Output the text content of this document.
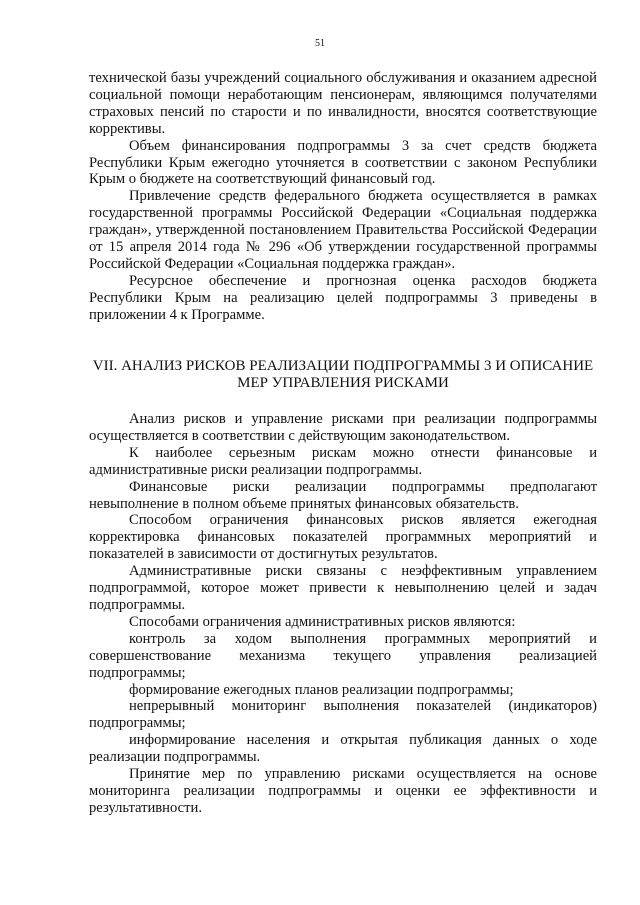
51

технической базы учреждений социального обслуживания и оказанием адресной социальной помощи неработающим пенсионерам, являющимся получателями страховых пенсий по старости и по инвалидности, вносятся соответствующие коррективы.

Объем финансирования подпрограммы 3 за счет средств бюджета Республики Крым ежегодно уточняется в соответствии с законом Республики Крым о бюджете на соответствующий финансовый год.

Привлечение средств федерального бюджета осуществляется в рамках государственной программы Российской Федерации «Социальная поддержка граждан», утвержденной постановлением Правительства Российской Федерации от 15 апреля 2014 года № 296 «Об утверждении государственной программы Российской Федерации «Социальная поддержка граждан».

Ресурсное обеспечение и прогнозная оценка расходов бюджета Республики Крым на реализацию целей подпрограммы 3 приведены в приложении 4 к Программе.

VII. АНАЛИЗ РИСКОВ РЕАЛИЗАЦИИ ПОДПРОГРАММЫ 3 И ОПИСАНИЕ МЕР УПРАВЛЕНИЯ РИСКАМИ

Анализ рисков и управление рисками при реализации подпрограммы осуществляется в соответствии с действующим законодательством.

К наиболее серьезным рискам можно отнести финансовые и административные риски реализации подпрограммы.

Финансовые риски реализации подпрограммы предполагают невыполнение в полном объеме принятых финансовых обязательств.

Способом ограничения финансовых рисков является ежегодная корректировка финансовых показателей программных мероприятий и показателей в зависимости от достигнутых результатов.

Административные риски связаны с неэффективным управлением подпрограммой, которое может привести к невыполнению целей и задач подпрограммы.

Способами ограничения административных рисков являются:

контроль за ходом выполнения программных мероприятий и совершенствование механизма текущего управления реализацией подпрограммы;

формирование ежегодных планов реализации подпрограммы;

непрерывный мониторинг выполнения показателей (индикаторов) подпрограммы;

информирование населения и открытая публикация данных о ходе реализации подпрограммы.

Принятие мер по управлению рисками осуществляется на основе мониторинга реализации подпрограммы и оценки ее эффективности и результативности.
